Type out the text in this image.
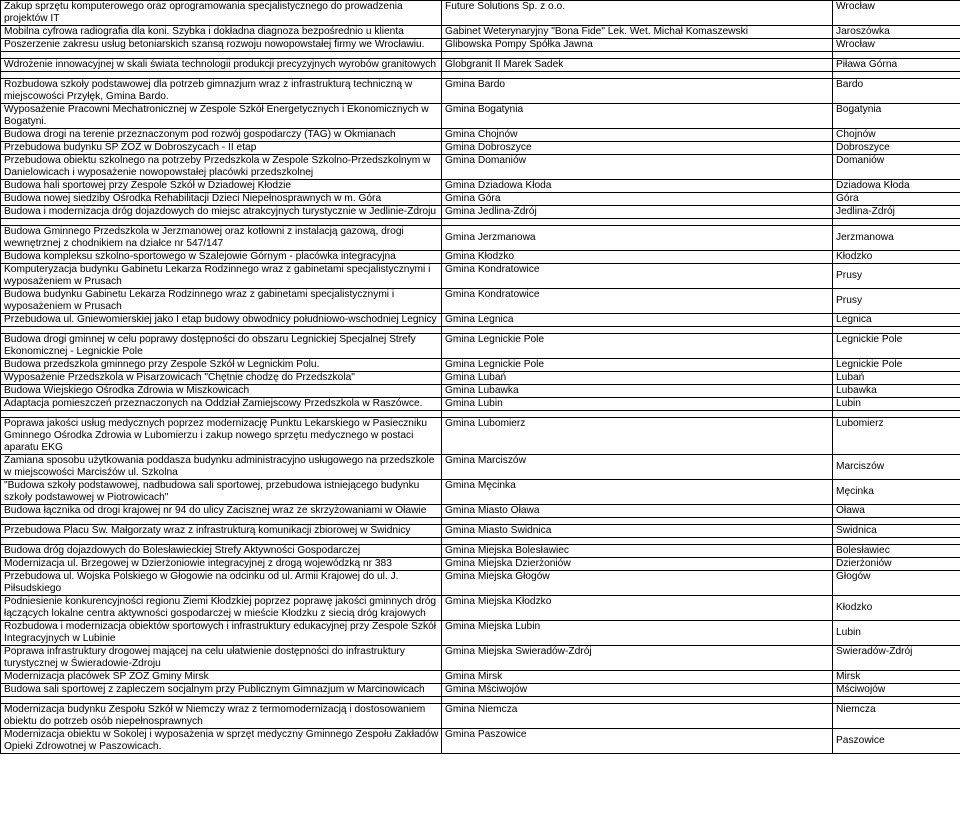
Zakup sprzętu komputerowego oraz oprogramowania specjalistycznego do prowadzenia projektów IT	Future Solutions Sp. z o.o.	Wrocław
Mobilna cyfrowa radiografia dla koni. Szybka i dokładna diagnoza bezpośrednio u klienta	Gabinet Weterynaryjny "Bona Fide" Lek. Wet. Michał Komaszewski	Jaroszówka
Poszerzenie zakresu usług betoniarskich szansą rozwoju nowopowstałej firmy we Wrocławiu.	Glibowska Pompy Spółka Jawna	Wrocław

Wdrożenie innowacyjnej w skali świata technologii produkcji precyzyjnych wyrobów granitowych	Globgranit II Marek Sadek	Piława Górna

Rozbudowa szkoły podstawowej dla potrzeb gimnazjum wraz z infrastrukturą techniczną w miejscowości Przyłęk, Gmina Bardo.	Gmina Bardo	Bardo
Wyposażenie Pracowni Mechatronicznej w Zespole Szkół Energetycznych i Ekonomicznych w Bogatyni.	Gmina Bogatynia	Bogatynia
Budowa drogi na terenie przeznaczonym pod rozwój gospodarczy (TAG) w Okmianach	Gmina Chojnów	Chojnów
Przebudowa budynku SP ZOZ w Dobroszycach - II etap	Gmina Dobroszyce	Dobroszyce
Przebudowa obiektu szkolnego na potrzeby Przedszkola w Zespole Szkolno-Przedszkolnym w Danielowicach i wyposażenie nowopowstałej placówki przedszkolnej	Gmina Domaniów	Domaniów
Budowa hali sportowej przy Zespole Szkół w Dziadowej Kłodzie	Gmina Dziadowa Kłoda	Dziadowa Kłoda
Budowa nowej siedziby Ośrodka Rehabilitacji Dzieci Niepełnosprawnych w m. Góra	Gmina Góra	Góra
Budowa i modernizacja dróg dojazdowych do miejsc atrakcyjnych turystycznie w Jedlinie-Zdroju	Gmina Jedlina-Zdrój	Jedlina-Zdrój

Budowa Gminnego Przedszkola w Jerzmanowej oraz kotłowni z instalacją gazową, drogi wewnętrznej z chodnikiem na działce nr 547/147	Gmina Jerzmanowa	Jerzmanowa
Budowa kompleksu szkolno-sportowego w Szalejowie Górnym - placówka integracyjna	Gmina Kłodzko	Kłodzko
Komputeryzacja budynku Gabinetu Lekarza Rodzinnego wraz z gabinetami specjalistycznymi i wyposażeniem w Prusach	Gmina Kondratowice	Prusy
Budowa budynku Gabinetu Lekarza Rodzinnego wraz z gabinetami specjalistycznymi i wyposażeniem w Prusach	Gmina Kondratowice	Prusy
Przebudowa ul. Gniewomierskiej jako I etap budowy obwodnicy południowo-wschodniej Legnicy	Gmina Legnica	Legnica

Budowa drogi gminnej w celu poprawy dostępności do obszaru Legnickiej Specjalnej Strefy Ekonomicznej - Legnickie Pole	Gmina Legnickie Pole	Legnickie Pole
Budowa przedszkola gminnego przy Zespole Szkół w Legnickim Polu.	Gmina Legnickie Pole	Legnickie Pole
Wyposażenie Przedszkola w Pisarzowicach "Chętnie chodzę do Przedszkola"	Gmina Lubań	Lubań
Budowa Wiejskiego Ośrodka Zdrowia w Miszkowicach	Gmina Lubawka	Lubawka
Adaptacja pomieszczeń przeznaczonych na Oddział Zamiejscowy Przedszkola w Raszówce.	Gmina Lubin	Lubin

Poprawa jakości usług medycznych poprzez modernizację Punktu Lekarskiego w Pasieczniku Gminnego Ośrodka Zdrowia w Lubomierzu i zakup nowego sprzętu medycznego w postaci aparatu EKG	Gmina Lubomierz	Lubomierz
Zamiana sposobu użytkowania poddasza budynku administracyjno usługowego na przedszkole w miejscowości Marcisźów ul. Szkolna	Gmina Marciszów	Marciszów
"Budowa szkoły podstawowej, nadbudowa sali sportowej, przebudowa istniejącego budynku szkoły podstawowej w Piotrowicach"	Gmina Męcinka	Męcinka
Budowa łącznika od drogi krajowej nr 94 do ulicy Zacisznej wraz ze skrzyżowaniami w Oławie	Gmina Miasto Oława	Oława

Przebudowa Placu Św. Małgorzaty wraz z infrastrukturą komunikacji zbiorowej w Świdnicy	Gmina Miasto Świdnica	Świdnica

Budowa dróg dojazdowych do Bolesławieckiej Strefy Aktywności Gospodarczej	Gmina Miejska Bolesławiec	Bolesławiec
Modernizacja ul. Brzegowej w Dzierżoniowie integracyjnej z drogą wojewódzką nr 383	Gmina Miejska Dzierżoniów	Dzierżoniów
Przebudowa ul. Wojska Polskiego w Głogowie na odcinku od ul. Armii Krajowej do ul. J. Piłsudskiego	Gmina Miejska Głogów	Głogów
Podniesienie konkurencyjności regionu Ziemi Kłodzkiej poprzez poprawę jakości gminnych dróg łączących lokalne centra aktywności gospodarczej w mieście Kłodzku z siecią dróg krajowych	Gmina Miejska Kłodzko	Kłodzko
Rozbudowa i modernizacja obiektów sportowych i infrastruktury edukacyjnej przy Zespole Szkół Integracyjnych w Lubinie	Gmina Miejska Lubin	Lubin
Poprawa infrastruktury drogowej mającej na celu ułatwienie dostępności do infrastruktury turystycznej w Świeradowie-Zdroju	Gmina Miejska Świeradów-Zdrój	Świeradów-Zdrój
Modernizacja placówek SP ZOZ Gminy Mirsk	Gmina Mirsk	Mirsk
Budowa sali sportowej z zapleczem socjalnym przy Publicznym Gimnazjum w Marcinowicach	Gmina Mściwojów	Mściwojów

Modernizacja budynku Zespołu Szkół w Niemczy wraz z termomodernizacją i dostosowaniem obiektu do potrzeb osób niepełnosprawnych	Gmina Niemcza	Niemcza
Modernizacja obiektu w Sokolej i wyposażenia w sprzęt medyczny Gminnego Zespołu Zakładów Opieki Zdrowotnej w Paszowicach.	Gmina Paszowice	Paszowice
